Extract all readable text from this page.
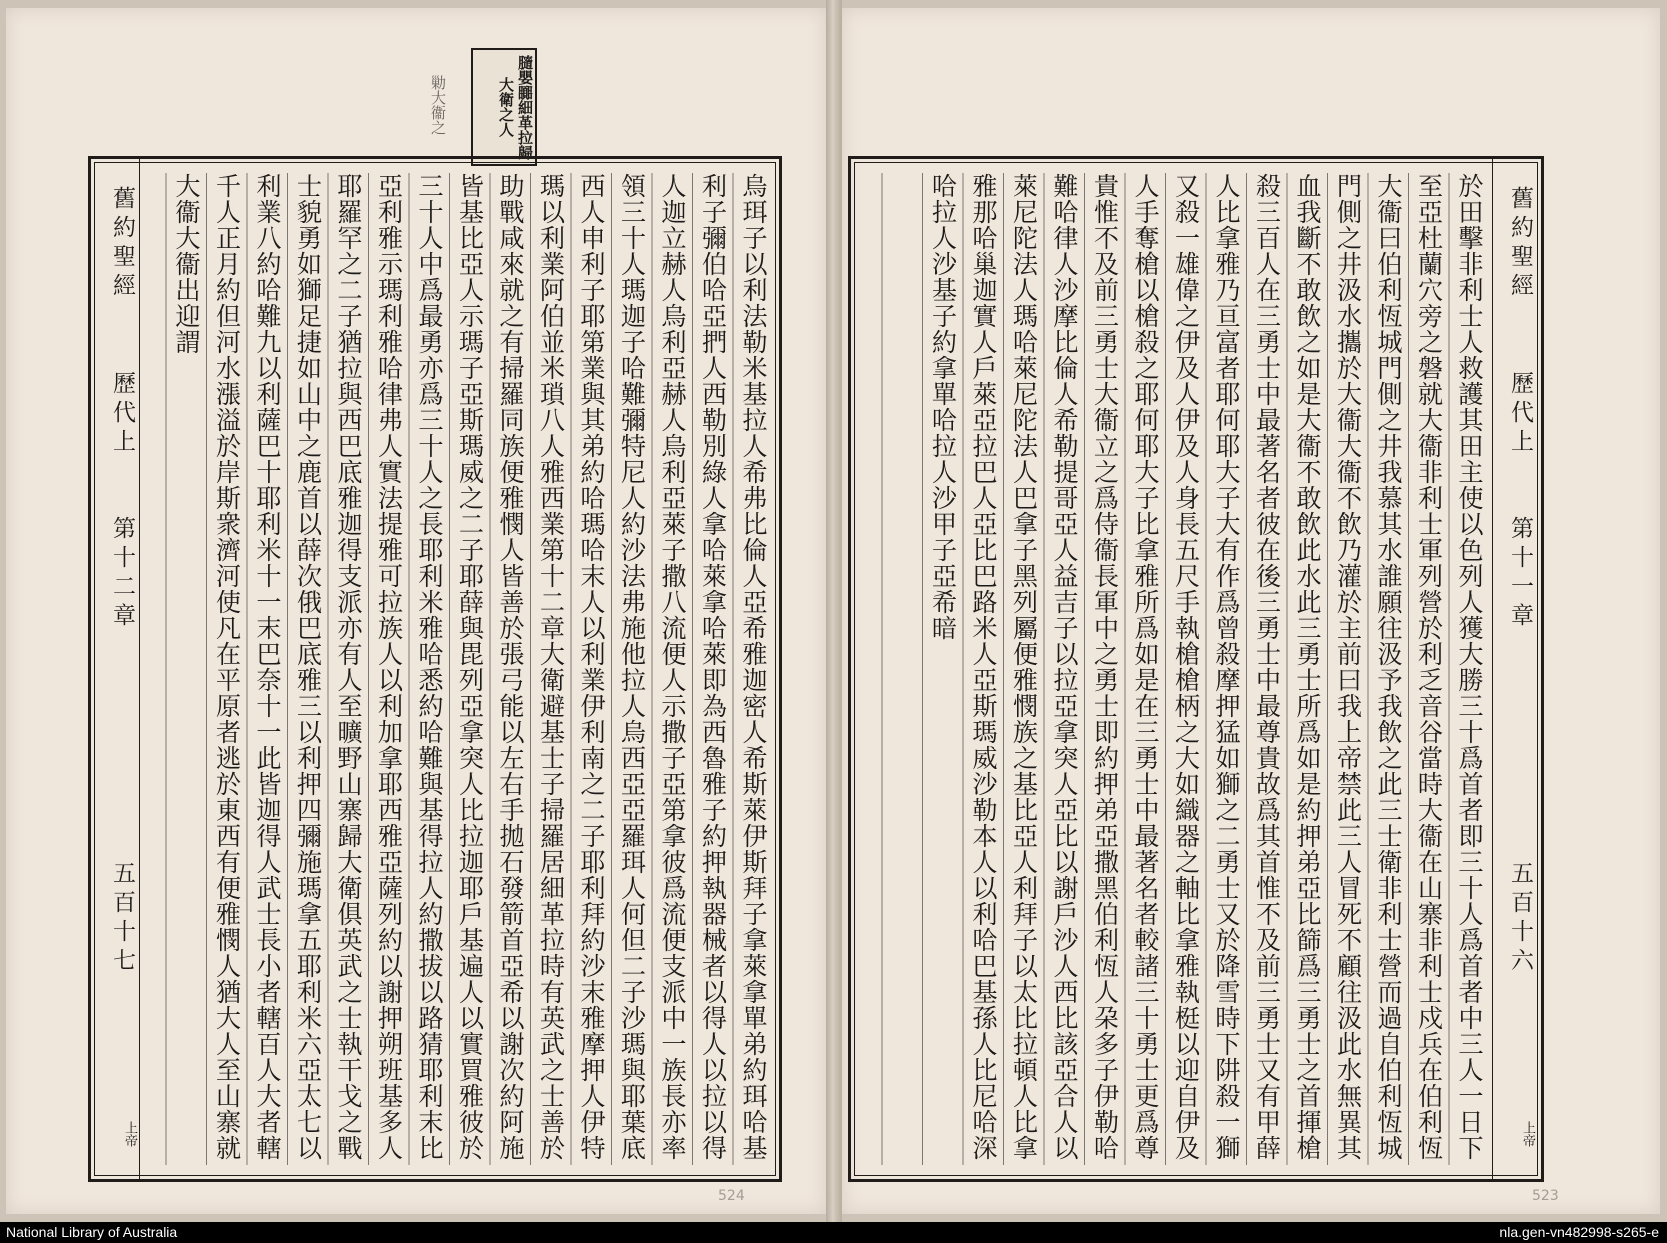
膸嬰嚻細革拉歸大衛之人
勦大衞之
舊約聖經
歷代上
第十二章
五百十七
上帝	烏珥子以利法勒米基拉人希弗比倫人亞希雅迦密人希斯萊伊斯拜子拿萊拿單弟約珥哈基利子彌伯哈亞捫人西勒別綠人拿哈萊拿哈萊即為西魯雅子約押執器械者以得人以拉以得人迦立赫人烏利亞赫人烏利亞萊子撒八流便人示撒子亞第拿彼爲流便支派中一族長亦率領三十人瑪迦子哈難彌特尼人約沙法弗施他拉人烏西亞亞羅珥人何但二子沙瑪與耶葉底西人申利子耶第業與其弟約哈瑪哈末人以利業伊利南之二子耶利拜約沙末雅摩押人伊特瑪以利業阿伯並米瑣八人雅西業第十二章大衛避基士子掃羅居細革拉時有英武之士善於助戰咸來就之有掃羅同族便雅憫人皆善於張弓能以左右手拋石發箭首亞希以謝次約阿施皆基比亞人示瑪子亞斯瑪威之二子耶薛與毘列亞拿突人比拉迦耶戶基遍人以實買雅彼於三十人中爲最勇亦爲三十人之長耶利米雅哈悉約哈難與基得拉人約撒拔以路猜耶利末比亞利雅示瑪利雅哈律弗人實法提雅可拉族人以利加拿耶西雅亞薩列約以謝押朔班基多人耶羅罕之二子猶拉與西巴底雅迦得支派亦有人至曠野山寨歸大衛俱英武之士執干戈之戰士貌勇如獅足捷如山中之鹿首以薛次俄巴底雅三以利押四彌施瑪拿五耶利米六亞太七以利業八約哈難九以利薩巴十耶利米十一末巴奈十一此皆迦得人武士長小者轄百人大者轄千人正月約但河水漲溢於岸斯衆濟河使凡在平原者逃於東西有便雅憫人猶大人至山寨就大衞大衞出迎謂
524
於田擊非利士人救護其田主使以色列人獲大勝三十爲首者即三十人爲首者中三人一日下至亞杜蘭穴旁之磐就大衞非利士軍列營於利乏音谷當時大衞在山寨非利士戍兵在伯利恆大衞曰伯利恆城門側之井我慕其水誰願往汲予我飲之此三士衛非利士營而過自伯利恆城門側之井汲水攜於大衞大衞不飲乃灌於主前曰我上帝禁此三人冒死不顧往汲此水無異其血我斷不敢飲之如是大衞不敢飲此水此三勇士所爲如是約押弟亞比篩爲三勇士之首揮槍殺三百人在三勇士中最著名者彼在後三勇士中最尊貴故爲其首惟不及前三勇士又有甲薛人比拿雅乃亘富者耶何耶大子大有作爲曾殺摩押猛如獅之二勇士又於降雪時下阱殺一獅又殺一雄偉之伊及人伊及人身長五尺手執槍槍柄之大如織器之軸比拿雅執梃以迎自伊及人手奪槍以槍殺之耶何耶大子比拿雅所爲如是在三勇士中最著名者較諸三十勇士更爲尊貴惟不及前三勇士大衞立之爲侍衞長軍中之勇士即約押弟亞撒黑伯利恆人朶多子伊勒哈難哈律人沙摩比倫人希勒提哥亞人益吉子以拉亞拿突人亞比以謝戶沙人西比該亞合人以萊尼陀法人瑪哈萊尼陀法人巴拿子黑列屬便雅憫族之基比亞人利拜子以太比拉頓人比拿雅那哈巢迦實人戶萊亞拉巴人亞比巴路米人亞斯瑪威沙勒本人以利哈巴基孫人比尼哈深哈拉人沙基子約拿單哈拉人沙甲子亞希暗	舊約聖經
歷代上
第十一章
五百十六
上帝
523
National Library of Australia	nla.gen-vn482998-s265-e
